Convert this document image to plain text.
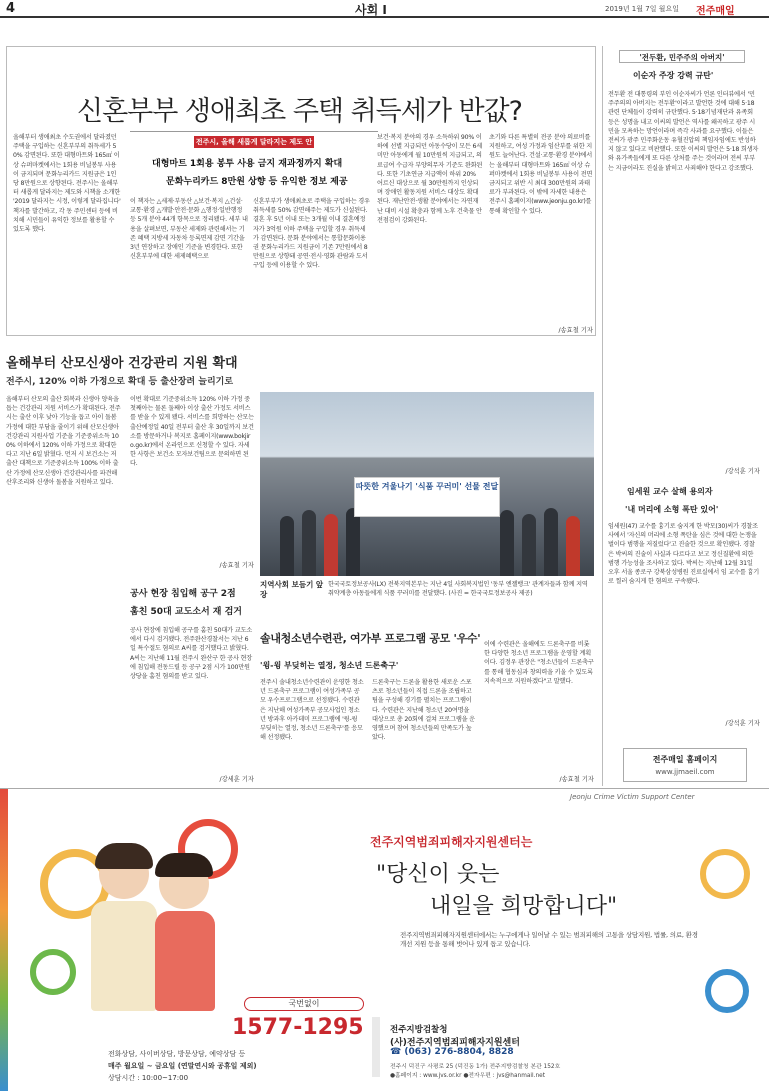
4	사회 I	2019년 1월 7일 월요일 전주매일
신혼부부 생애최초 주택 취득세가 반값?
올해부터 생애최초 수도권에서 달라졌던 주택을 구입하는 신혼부부의 취득세가 50% 감면된다. 또한 대형마트와 165㎡ 이상 슈퍼마켓에서는 1회용 비닐봉투 사용이 금지되며 문화누리카드 지원금은 1인당 8만원으로 상향된다. 전주시는 올해부터 새롭게 달라지는 제도와 시책을 소개한 '2019 달라지는 시정, 이렇게 달라집니다' 책자를 발간하고, 각 동 주민센터 등에 비치해 시민들이 유익한 정보를 활용할 수 있도록 했다.
전주시, 올해 새롭게 달라지는 제도 안내
대형마트 1회용 봉투 사용 금지 재과정까지 확대
문화누리카드 8만원 상향 등 유익한 정보 제공
이 책자는 △세제·부동산 △보건·복지 △건설·교통·환경 △개발·안전·문화 △행정·일반행정 등 5개 분야 44개 항목으로 정리됐다. 세부 내용을 살펴보면, 부동산 세제와 관련해서는 기존 혜택 지방세 자동차 등록면제 감면 기간을 3년 연장하고 장애인 기준을 변경한다. 또한 신혼부부에 대한 세제혜택으로
신혼부부가 생애최초로 주택을 구입하는 경우 취득세를 50% 감면해주는 제도가 신설된다. 결혼 후 5년 이내 또는 3개월 이내 결혼예정자가 3억원 이하 주택을 구입할 경우 취득세가 감면된다. 문화 분야에서는 통합문화이용권 문화누리카드 지원금이 기존 7만원에서 8만원으로 상향돼 공연·전시·영화 관람과 도서 구입 등에 이용할 수 있다.
보건·복지 분야의 경우 소득하위 90% 이하에 선별 지급되던 아동수당이 모든 6세 미만 아동에게 월 10만원씩 지급되고, 의료급여 수급자 부양의무자 기준도 완화된다. 또한 기초연금 지급액이 하위 20% 어르신 대상으로 월 30만원까지 인상되며 장애인 활동지원 서비스 대상도 확대된다. 재난안전·생활 분야에서는 자연재난 대비 시설 확충과 함께 노후 건축물 안전점검이 강화된다.
초기와 다른 특별히 전공 분야 의료비를 지원하고, 여성 가정과 임산부를 위한 지원도 늘어난다. 건설·교통·환경 분야에서는 올해부터 대형마트와 165㎡ 이상 슈퍼마켓에서 1회용 비닐봉투 사용이 전면 금지되고 위반 시 최대 300만원의 과태료가 부과된다. 이 밖에 자세한 내용은 전주시 홈페이지(www.jeonju.go.kr)를 통해 확인할 수 있다.
/송효철 기자
올해부터 산모신생아 건강관리 지원 확대
전주시, 120% 이하 가정으로 확대 등 출산장려 늘리기로
올해부터 산모의 출산 회복과 신생아 양육을 돕는 건강관리 지원 서비스가 확대된다. 전주시는 출산 이후 낮아 기능을 돕고 아이 돌봄 가정에 대한 부담을 줄이기 위해 산모신생아 건강관리 지원사업 기준을 기준중위소득 100% 이하에서 120% 이하 가정으로 확대한다고 지난 6일 밝혔다. 먼저 시 보건소는 저출산 대책으로 기준중위소득 100% 이하 출산 가정에 산모신생아 건강관리사를 파견해 산후조리와 신생아 돌봄을 지원하고 있다.
이번 확대로 기준중위소득 120% 이하 가정 중 첫째아는 물론 둘째아 이상 출산 가정도 서비스를 받을 수 있게 됐다. 서비스를 희망하는 산모는 출산예정일 40일 전부터 출산 후 30일까지 보건소를 방문하거나 복지로 홈페이지(www.bokjiro.go.kr)에서 온라인으로 신청할 수 있다. 자세한 사항은 보건소 모자보건팀으로 문의하면 된다.
/송효철 기자
따뜻한 겨울나기 '식품 꾸러미' 선물 전달
지역사회 보듬기 앞장
한국국토정보공사(LX) 전북지역본부는 지난 4일 사회복지법인 '동부 엔젤뱅크' 관계자들과 함께 지역 취약계층 아동들에게 식품 꾸러미를 전달했다. (사진 = 한국국토정보공사 제공)
공사 현장 침입해 공구 2점
훔친 50대 교도소서 재 검거
공사 현장에 침입해 공구를 훔친 50대가 교도소에서 다시 검거됐다. 전주완산경찰서는 지난 6일 특수절도 혐의로 A씨를 검거했다고 밝혔다. A씨는 지난해 11월 전주시 완산구 한 공사 현장에 침입해 전동드릴 등 공구 2점 시가 100만원 상당을 훔친 혐의를 받고 있다.
/강세훈 기자
솔내청소년수련관, 여가부 프로그램 공모 '우수'
'윙-윙 부딪히는 열정, 청소년 드론축구'
전주시 솔내청소년수련관이 운영한 청소년 드론축구 프로그램이 여성가족부 공모 우수프로그램으로 선정됐다. 수련관은 지난해 여성가족부 공모사업인 청소년 방과후 아카데미 프로그램에 '윙-윙 부딪히는 열정, 청소년 드론축구'를 응모해 선정됐다.
드론축구는 드론을 활용한 새로운 스포츠로 청소년들이 직접 드론을 조립하고 팀을 구성해 경기를 펼치는 프로그램이다. 수련관은 지난해 청소년 20여명을 대상으로 총 20회에 걸쳐 프로그램을 운영했으며 참여 청소년들의 만족도가 높았다.
이에 수련관은 올해에도 드론축구를 비롯한 다양한 청소년 프로그램을 운영할 계획이다. 김정우 관장은 "청소년들이 드론축구를 통해 협동심과 창의력을 키울 수 있도록 지속적으로 지원하겠다"고 말했다.
/송효철 기자
'전두환, 민주주의 아버지'
이순자 주장 강력 규탄'
전두환 전 대통령의 부인 이순자씨가 언론 인터뷰에서 '민주주의의 아버지는 전두환'이라고 발언한 것에 대해 5·18 관련 단체들이 강력히 규탄했다. 5·18기념재단과 유족회 등은 성명을 내고 이씨의 발언은 역사를 왜곡하고 광주 시민을 모욕하는 망언이라며 즉각 사과를 요구했다. 이들은 전씨가 광주 민주화운동 유혈진압의 책임자임에도 반성하지 않고 있다고 비판했다. 또한 이씨의 발언은 5·18 희생자와 유가족들에게 또 다른 상처를 주는 것이라며 전씨 부부는 지금이라도 진실을 밝히고 사죄해야 한다고 강조했다.
/강석훈 기자
임세원 교수 살해 용의자
'내 머리에 소형 폭탄 있어'
임세원(47) 교수를 흉기로 숨지게 한 박모(30)씨가 경찰조사에서 '자신의 머리에 소형 폭탄을 심은 것에 대한 논쟁을 벌이다 범행을 저질렀다'고 진술한 것으로 확인됐다. 경찰은 박씨의 진술이 사실과 다르다고 보고 정신질환에 의한 범행 가능성을 조사하고 있다. 박씨는 지난해 12월 31일 오후 서울 종로구 강북삼성병원 진료실에서 임 교수를 흉기로 찔러 숨지게 한 혐의로 구속됐다.
/강석훈 기자
전주매일 홈페이지
www.jjmaeil.com
Jeonju Crime Victim Support Center
전주지역범죄피해자지원센터는
"당신이 웃는
내일을 희망합니다"
전주지역범죄피해자지원센터에서는 누구에게나 일어날 수 있는 범죄피해의 고통을 상담지원, 법률, 의료, 환경개선 지원 등을 통해 벗어나 있게 돕고 있습니다.
국번없이
1577-1295
전화상담, 사이버상담, 방문상담, 예약상담 등
매주 월요일 ~ 금요일 (연말연시와 공휴일 제외)
상담시간 : 10:00~17:00
전주지방검찰청
(사)전주지역범죄피해자지원센터
☎ (063) 276-8804, 8828
전주시 덕진구 사평로 25 (덕진동 1가) 전주지방검찰청 본관 152호
●홈페이지 : www.jvs.or.kr ●전자우편 : jvs@hanmail.net
